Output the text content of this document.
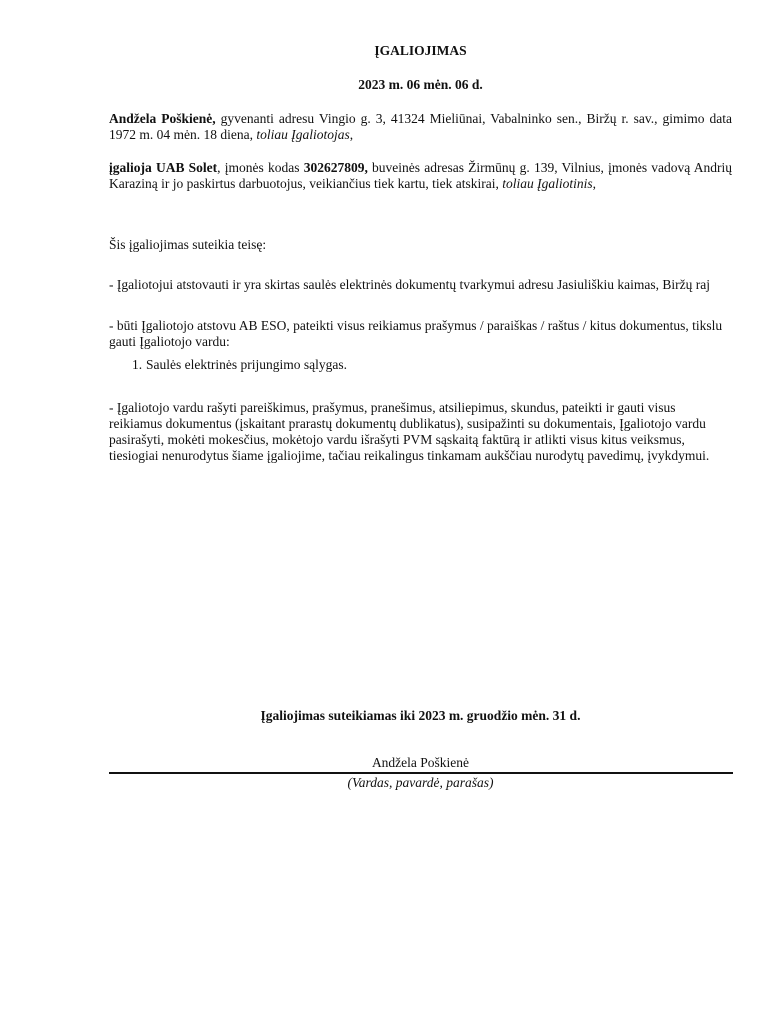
ĮGALIOJIMAS
2023 m. 06 mėn. 06 d.
Andžela Poškienė, gyvenanti adresu Vingio g. 3, 41324 Mieliūnai, Vabalninko sen., Biržų r. sav., gimimo data 1972 m. 04 mėn. 18 diena, toliau Įgaliotojas,
įgalioja UAB Solet, įmonės kodas 302627809, buveinės adresas Žirmūnų g. 139, Vilnius, įmonės vadovą Andrių Karaziną ir jo paskirtus darbuotojus, veikiančius tiek kartu, tiek atskirai, toliau Įgaliotinis,
Šis įgaliojimas suteikia teisę:
- Įgaliotojui atstovauti ir yra skirtas saulės elektrinės dokumentų tvarkymui adresu Jasiuliškiu kaimas, Biržų raj
- būti Įgaliotojo atstovu AB ESO, pateikti visus reikiamus prašymus / paraiškas / raštus / kitus dokumentus, tikslu gauti Įgaliotojo vardu:
1. Saulės elektrinės prijungimo sąlygas.
- Įgaliotojo vardu rašyti pareiškimus, prašymus, pranešimus, atsiliepimus, skundus, pateikti ir gauti visus reikiamus dokumentus (įskaitant prarastų dokumentų dublikatus), susipažinti su dokumentais, Įgaliotojo vardu pasirašyti, mokėti mokesčius, mokėtojo vardu išrašyti PVM sąskaitą faktūrą ir atlikti visus kitus veiksmus, tiesiogiai nenurodytus šiame įgaliojime, tačiau reikalingus tinkamam aukščiau nurodytų pavedimų, įvykdymui.
Įgaliojimas suteikiamas iki 2023 m. gruodžio mėn. 31 d.
Andžela Poškienė
(Vardas, pavardė, parašas)
